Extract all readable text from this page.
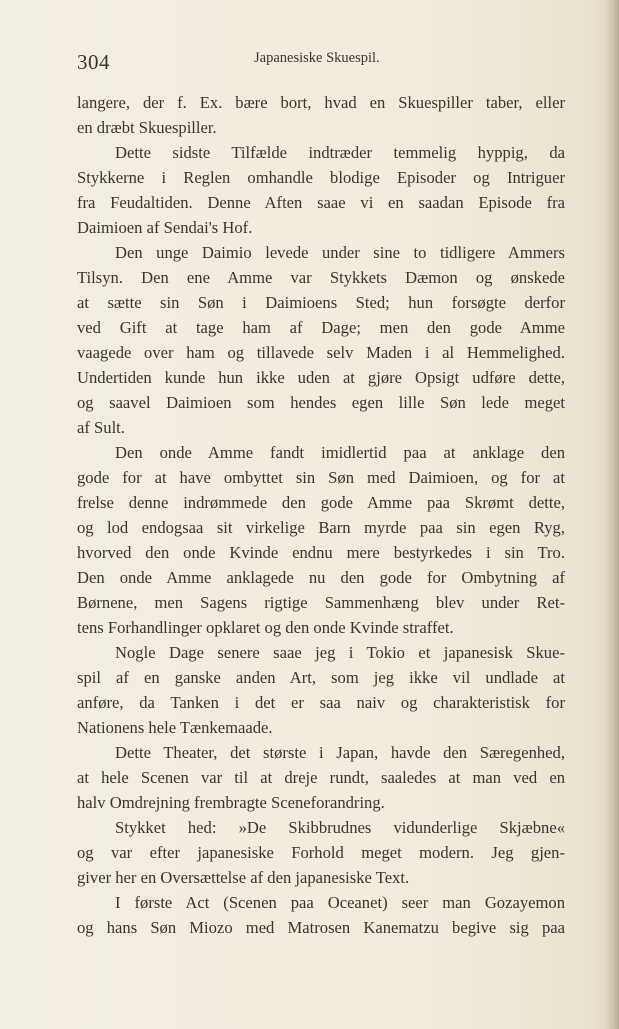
304	Japanesiske Skuespil.
langere, der f. Ex. bære bort, hvad en Skuespiller taber, eller
en dræbt Skuespiller.
Dette sidste Tilfælde indtræder temmelig hyppig, da
Stykkerne i Reglen omhandle blodige Episoder og Intriguer
fra Feudaltiden. Denne Aften saae vi en saadan Episode fra
Daimioen af Sendai's Hof.
Den unge Daimio levede under sine to tidligere Ammers
Tilsyn. Den ene Amme var Stykkets Dæmon og ønskede
at sætte sin Søn i Daimioens Sted; hun forsøgte derfor
ved Gift at tage ham af Dage; men den gode Amme
vaagede over ham og tillavede selv Maden i al Hemmelighed.
Undertiden kunde hun ikke uden at gjøre Opsigt udføre dette,
og saavel Daimioen som hendes egen lille Søn lede meget
af Sult.
Den onde Amme fandt imidlertid paa at anklage den
gode for at have ombyttet sin Søn med Daimioen, og for at
frelse denne indrømmede den gode Amme paa Skrømt dette,
og lod endogsaa sit virkelige Barn myrde paa sin egen Ryg,
hvorved den onde Kvinde endnu mere bestyrkedes i sin Tro.
Den onde Amme anklagede nu den gode for Ombytning af
Børnene, men Sagens rigtige Sammenhæng blev under Ret-
tens Forhandlinger opklaret og den onde Kvinde straffet.
Nogle Dage senere saae jeg i Tokio et japanesisk Skue-
spil af en ganske anden Art, som jeg ikke vil undlade at
anføre, da Tanken i det er saa naiv og charakteristisk for
Nationens hele Tænkemaade.
Dette Theater, det største i Japan, havde den Særegenhed,
at hele Scenen var til at dreje rundt, saaledes at man ved en
halv Omdrejning frembragte Sceneforandring.
Stykket hed: »De Skibbrudnes vidunderlige Skjæbne«
og var efter japanesiske Forhold meget modern. Jeg gjen-
giver her en Oversættelse af den japanesiske Text.
I første Act (Scenen paa Oceanet) seer man Gozayemon
og hans Søn Miozo med Matrosen Kanematzu begive sig paa
